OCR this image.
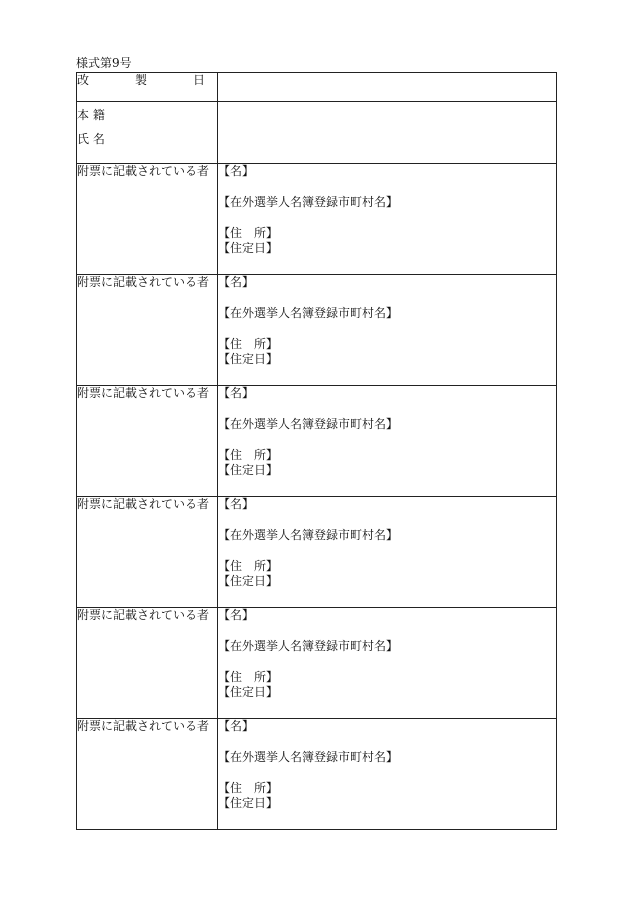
様式第9号
改 製 日	

本 籍
氏 名	

附票に記載されている者	【名】
【在外選挙人名簿登録市町村名】
【住　所】
【住定日】

附票に記載されている者	【名】
【在外選挙人名簿登録市町村名】
【住　所】
【住定日】

附票に記載されている者	【名】
【在外選挙人名簿登録市町村名】
【住　所】
【住定日】

附票に記載されている者	【名】
【在外選挙人名簿登録市町村名】
【住　所】
【住定日】

附票に記載されている者	【名】
【在外選挙人名簿登録市町村名】
【住　所】
【住定日】

附票に記載されている者	【名】
【在外選挙人名簿登録市町村名】
【住　所】
【住定日】
